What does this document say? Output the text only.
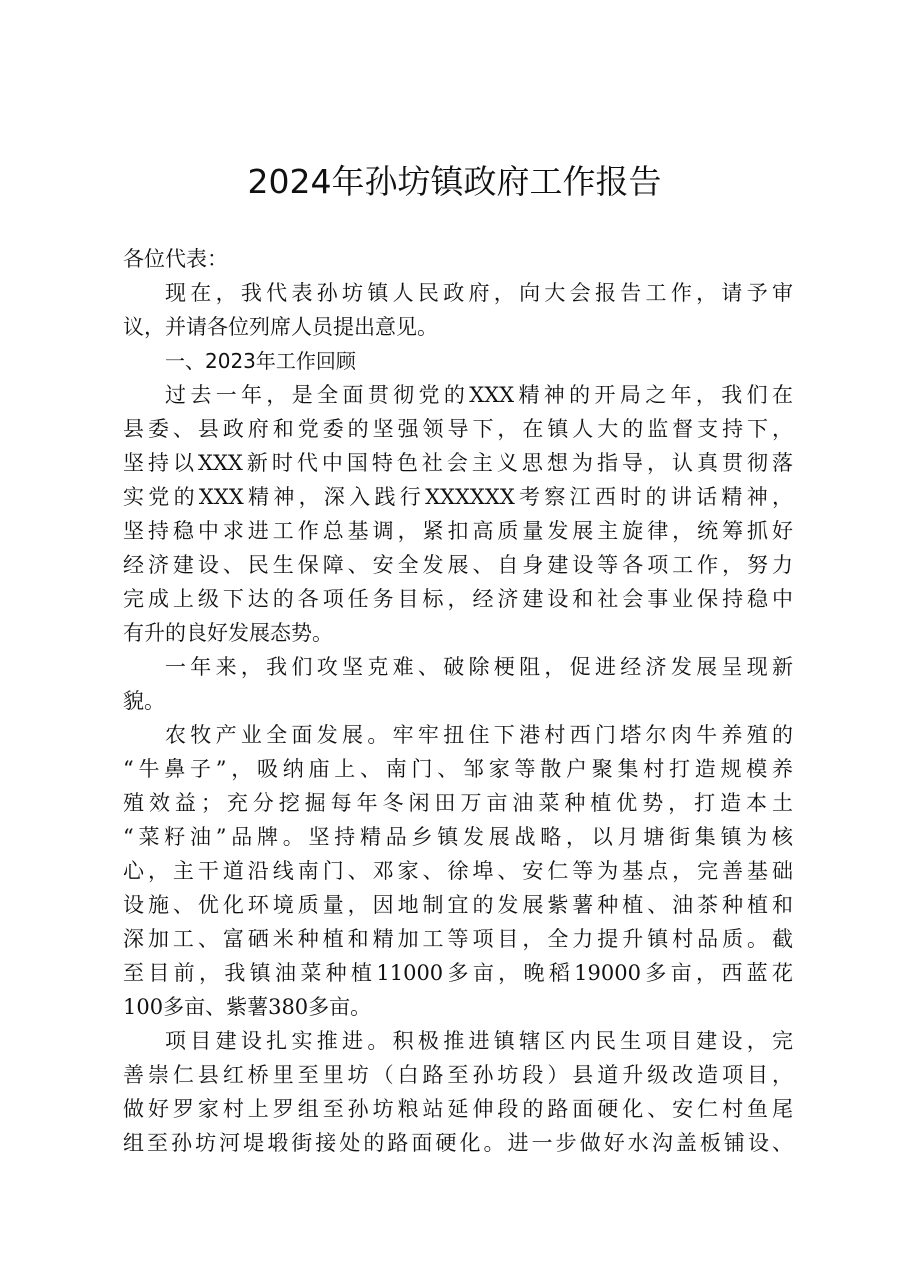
2024年孙坊镇政府工作报告
各位代表：

现在，我代表孙坊镇人民政府，向大会报告工作，请予审
议，并请各位列席人员提出意见。

一、2023年工作回顾

过去一年，是全面贯彻党的XXX精神的开局之年，我们在
县委、县政府和党委的坚强领导下，在镇人大的监督支持下，
坚持以XXX新时代中国特色社会主义思想为指导，认真贯彻落
实党的XXX精神，深入践行XXXXXX考察江西时的讲话精神，
坚持稳中求进工作总基调，紧扣高质量发展主旋律，统筹抓好
经济建设、民生保障、安全发展、自身建设等各项工作，努力
完成上级下达的各项任务目标，经济建设和社会事业保持稳中
有升的良好发展态势。

一年来，我们攻坚克难、破除梗阻，促进经济发展呈现新
貌。

农牧产业全面发展。牢牢扭住下港村西门塔尔肉牛养殖的
“牛鼻子”，吸纳庙上、南门、邹家等散户聚集村打造规模养
殖效益；充分挖掘每年冬闲田万亩油菜种植优势，打造本土
“菜籽油”品牌。坚持精品乡镇发展战略，以月塘街集镇为核
心，主干道沿线南门、邓家、徐埠、安仁等为基点，完善基础
设施、优化环境质量，因地制宜的发展紫薯种植、油茶种植和
深加工、富硒米种植和精加工等项目，全力提升镇村品质。截
至目前，我镇油菜种植11000多亩，晚稻19000多亩，西蓝花
100多亩、紫薯380多亩。

项目建设扎实推进。积极推进镇辖区内民生项目建设，完
善崇仁县红桥里至里坊（白路至孙坊段）县道升级改造项目，
做好罗家村上罗组至孙坊粮站延伸段的路面硬化、安仁村鱼尾
组至孙坊河堤塅街接处的路面硬化。进一步做好水沟盖板铺设、
